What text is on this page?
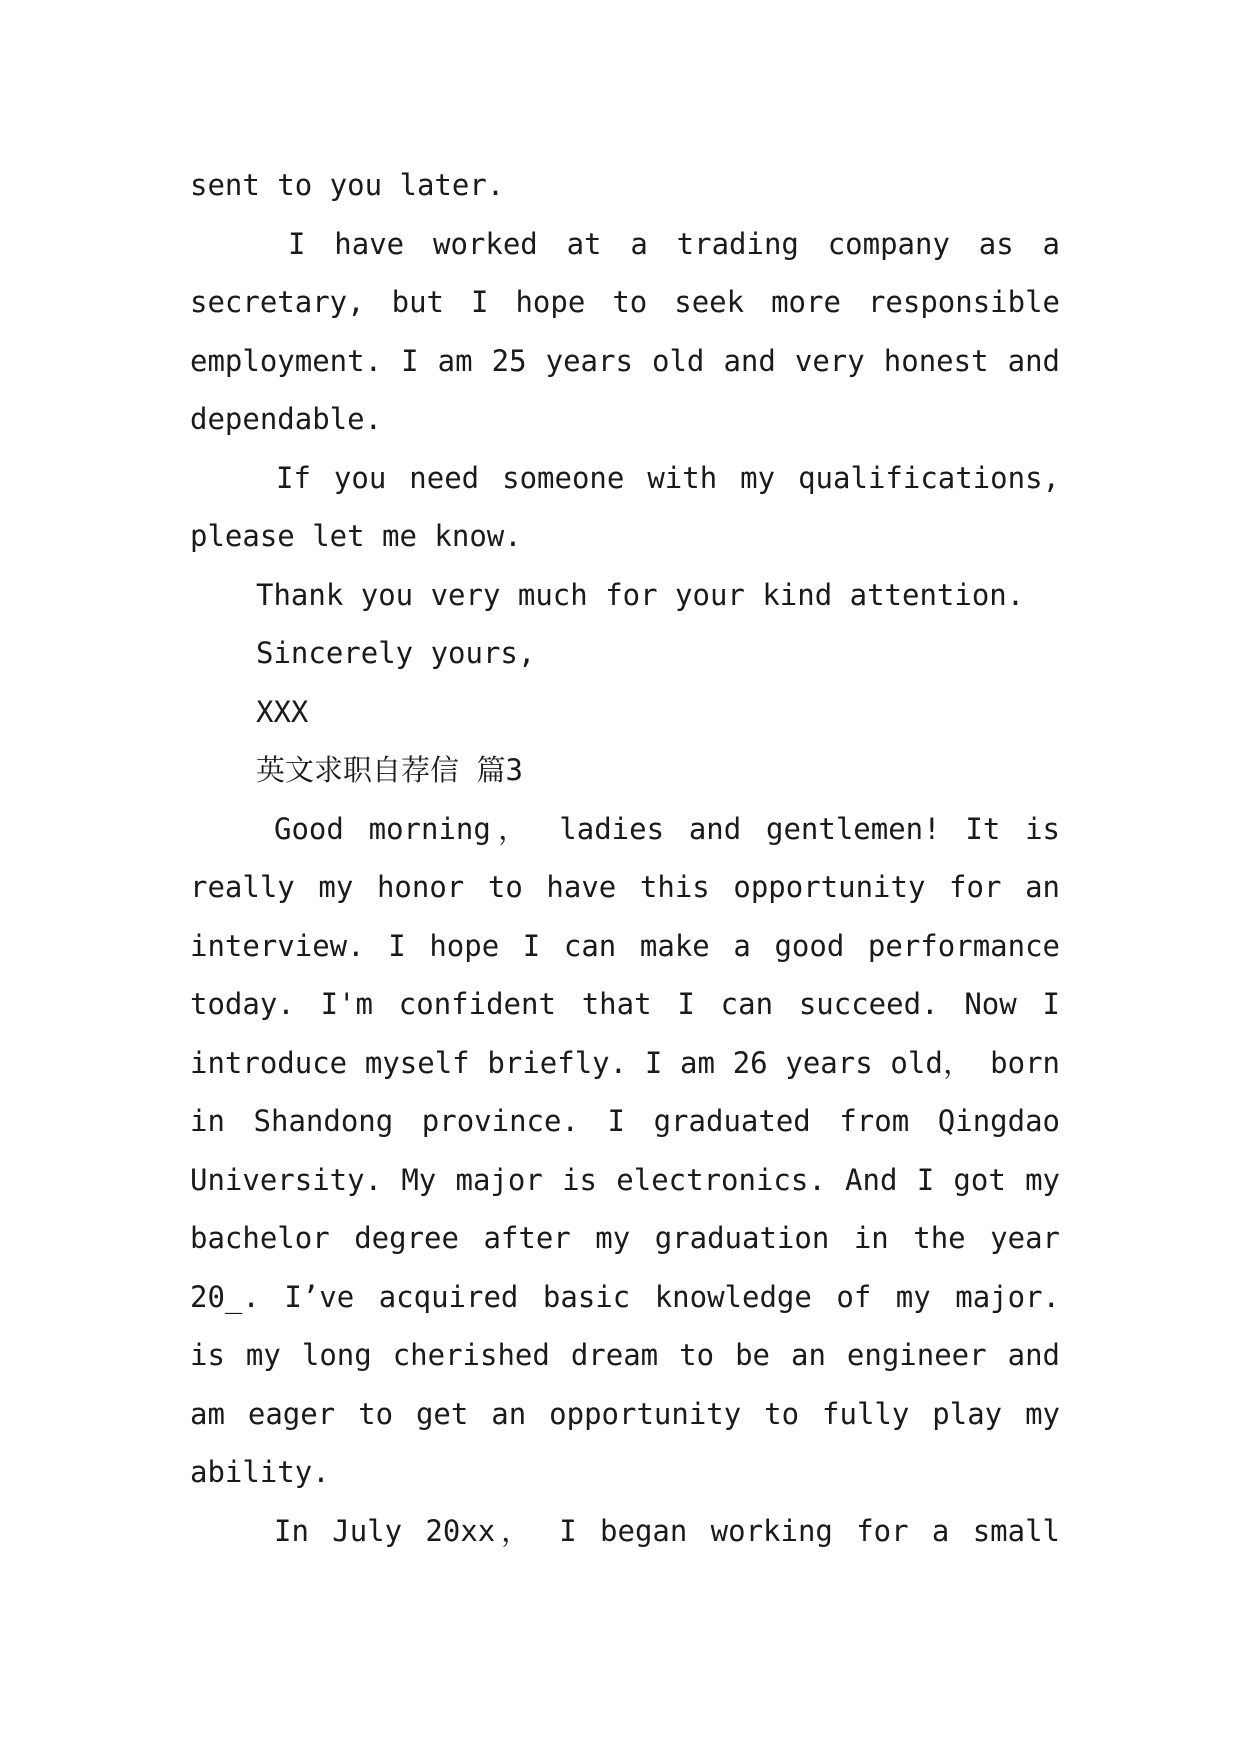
sent to you later.
I have worked at a trading company as a
secretary, but I hope to seek more responsible
employment. I am 25 years old and very honest and
dependable.
If you need someone with my qualifications,
please let me know.
Thank you very much for your kind attention.
Sincerely yours,
XXX
英文求职自荐信 篇3
Good morning， ladies and gentlemen! It is
really my honor to have this opportunity for an
interview. I hope I can make a good performance
today. I'm confident that I can succeed. Now I
introduce myself briefly. I am 26 years old， born
in Shandong province. I graduated from Qingdao
University. My major is electronics. And I got my
bachelor degree after my graduation in the year
20_. I’ve acquired basic knowledge of my major.
is my long cherished dream to be an engineer and
am eager to get an opportunity to fully play my
ability.
In July 20xx， I began working for a small
